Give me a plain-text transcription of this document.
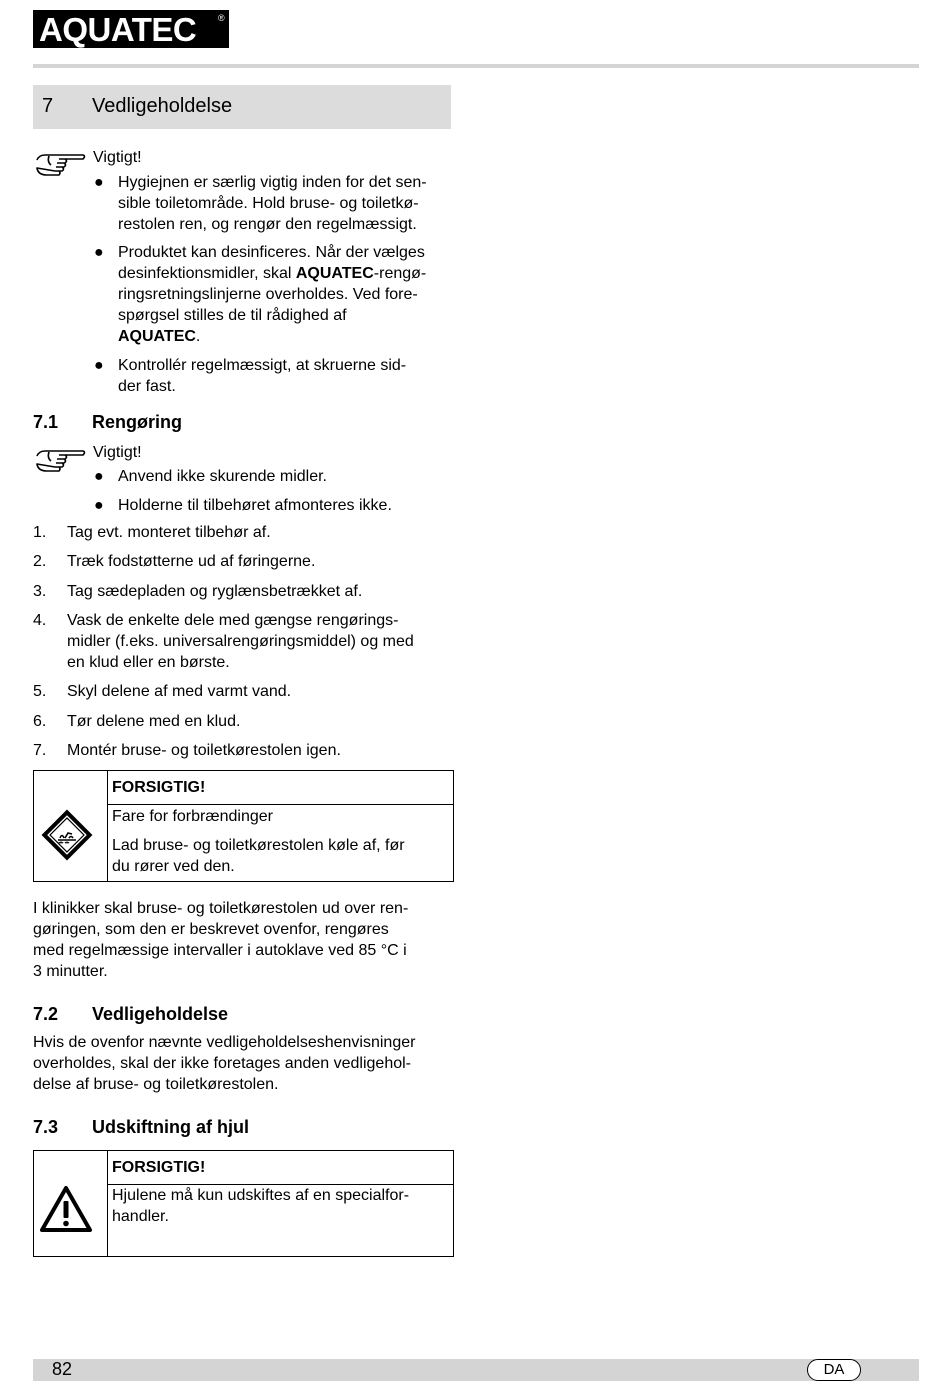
AQUATEC ®
7 Vedligeholdelse
Vigtigt!
● Hygiejnen er særlig vigtig inden for det sen-

sible toiletområde. Hold bruse- og toiletkø-

restolen ren, og rengør den regelmæssigt.

● Produktet kan desinficeres. Når der vælges

desinfektionsmidler, skal AQUATEC-rengø-

ringsretningslinjerne overholdes. Ved fore-

spørgsel stilles de til rådighed af

AQUATEC.

● Kontrollér regelmæssigt, at skruerne sid-

der fast.

7.1 Rengøring
Vigtigt!
● Anvend ikke skurende midler.

● Holderne til tilbehøret afmonteres ikke.

1. Tag evt. monteret tilbehør af.
2. Træk fodstøtterne ud af føringerne.
3. Tag sædepladen og ryglænsbetrækket af.
4. Vask de enkelte dele med gængse rengørings-
midler (f.eks. universalrengøringsmiddel) og med
en klud eller en børste.
5. Skyl delene af med varmt vand.
6. Tør delene med en klud.
7. Montér bruse- og toiletkørestolen igen.
FORSIGTIG!
Fare for forbrændinger
Lad bruse- og toiletkørestolen køle af, før
du rører ved den.
I klinikker skal bruse- og toiletkørestolen ud over ren-
gøringen, som den er beskrevet ovenfor, rengøres
med regelmæssige intervaller i autoklave ved 85 °C i
3 minutter.
7.2 Vedligeholdelse
Hvis de ovenfor nævnte vedligeholdelseshenvisninger
overholdes, skal der ikke foretages anden vedligehol-
delse af bruse- og toiletkørestolen.
7.3 Udskiftning af hjul
FORSIGTIG!
Hjulene må kun udskiftes af en specialfor-
handler.
82	DA
